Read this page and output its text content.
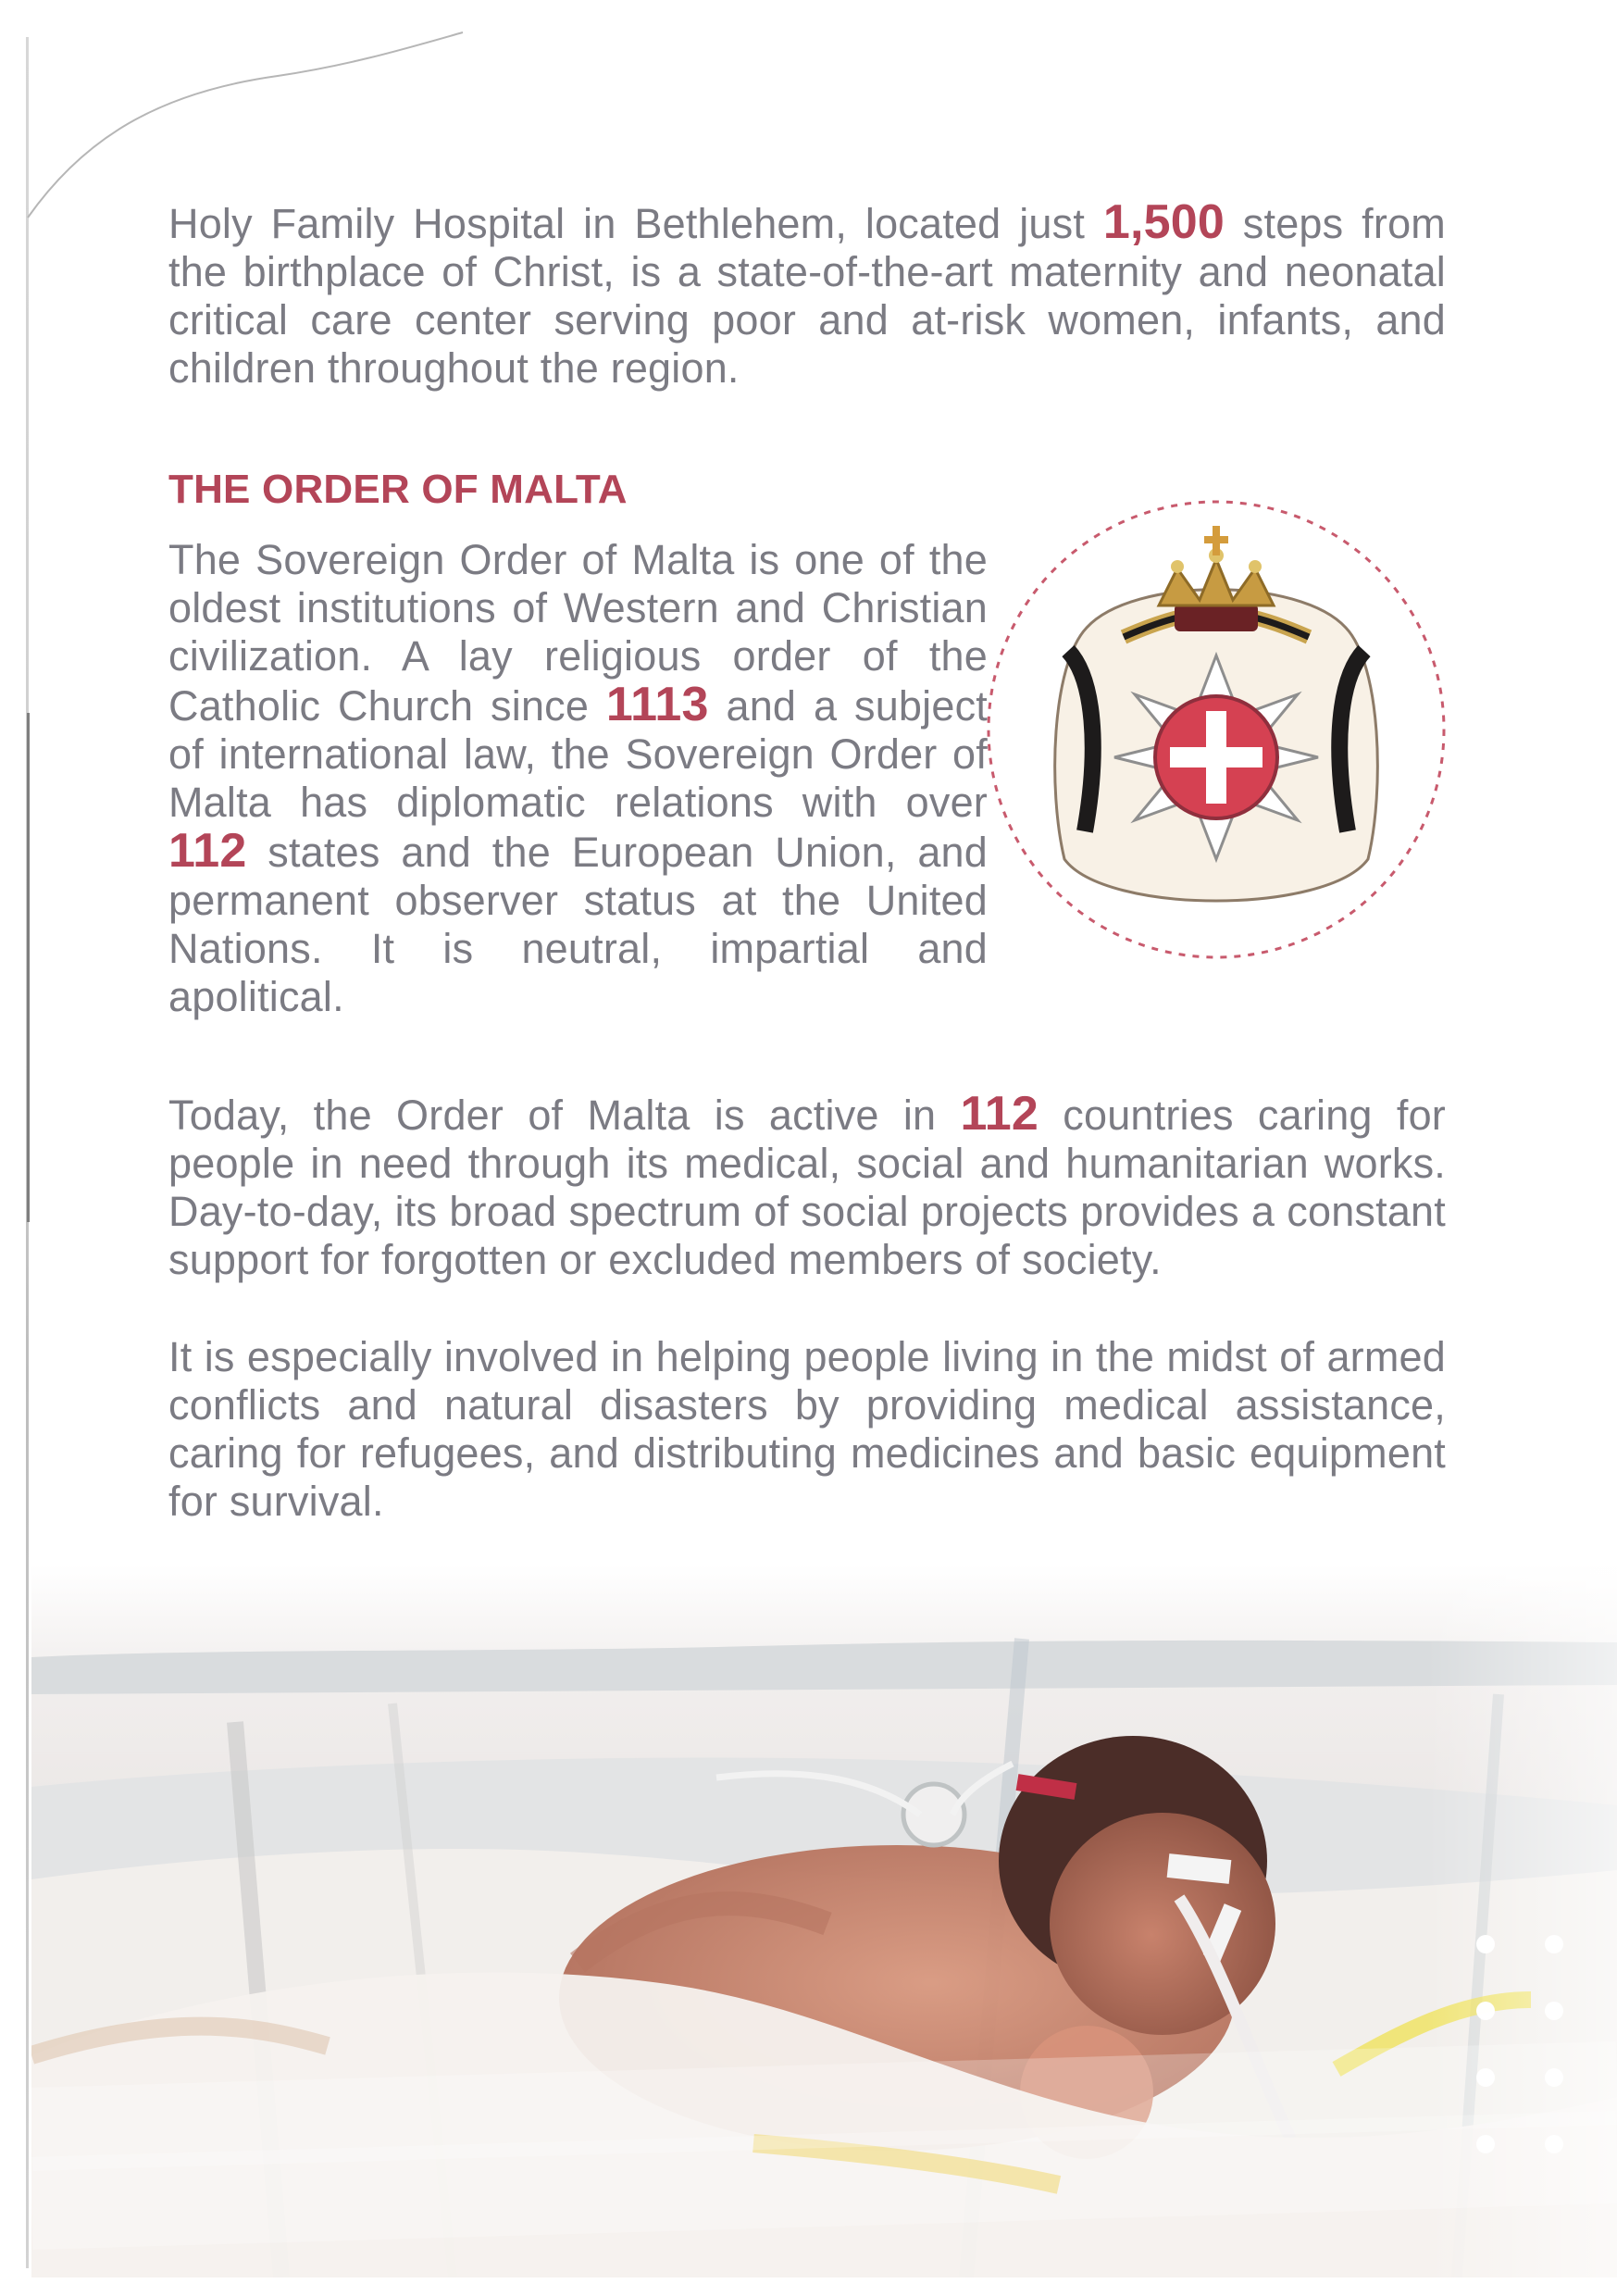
Holy Family Hospital in Bethlehem, located just 1,500 steps from the birthplace of Christ, is a state-of-the-art maternity and neonatal critical care center serving poor and at-risk women, infants, and children throughout the region.
THE ORDER OF MALTA
The Sovereign Order of Malta is one of the oldest institutions of Western and Christian civilization. A lay religious order of the Catholic Church since 1113 and a subject of international law, the Sovereign Order of Malta has diplomatic relations with over 112 states and the European Union, and permanent observer status at the United Nations. It is neutral, impartial and apolitical.
Today, the Order of Malta is active in 112 countries caring for people in need through its medical, social and humanitarian works. Day-to-day, its broad spectrum of social projects provides a constant support for forgotten or excluded members of society.
It is especially involved in helping people living in the midst of armed conflicts and natural disasters by providing medical assistance, caring for refugees, and distributing medicines and basic equipment for survival.
